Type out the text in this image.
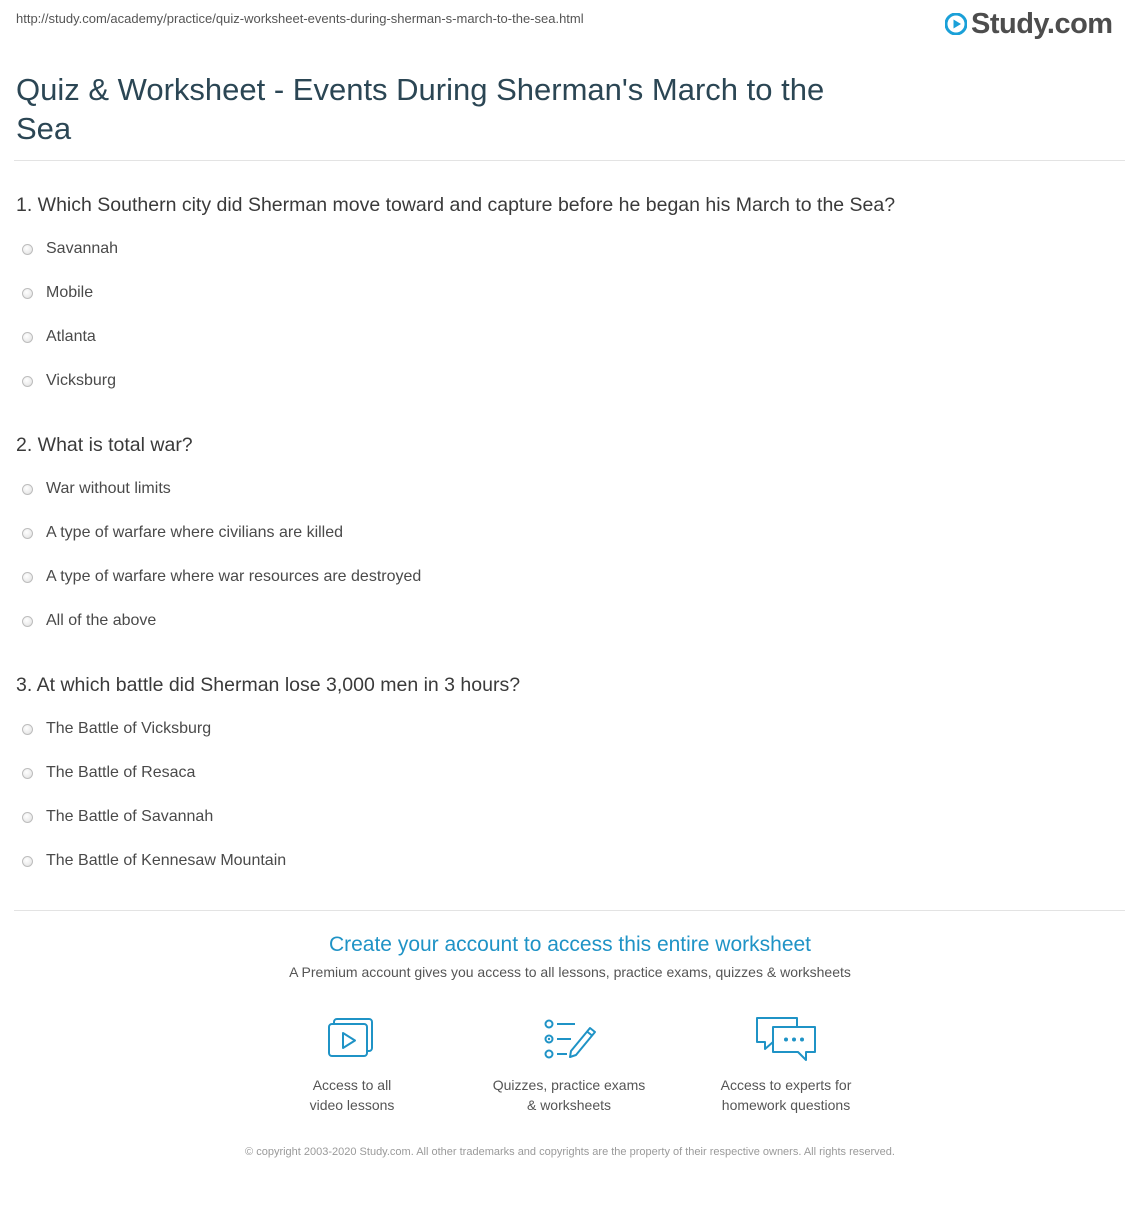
http://study.com/academy/practice/quiz-worksheet-events-during-sherman-s-march-to-the-sea.html	Study.com
Quiz & Worksheet - Events During Sherman's March to the Sea
1. Which Southern city did Sherman move toward and capture before he began his March to the Sea?
Savannah
Mobile
Atlanta
Vicksburg
2. What is total war?
War without limits
A type of warfare where civilians are killed
A type of warfare where war resources are destroyed
All of the above
3. At which battle did Sherman lose 3,000 men in 3 hours?
The Battle of Vicksburg
The Battle of Resaca
The Battle of Savannah
The Battle of Kennesaw Mountain
Create your account to access this entire worksheet
A Premium account gives you access to all lessons, practice exams, quizzes & worksheets
Access to all
video lessons
Quizzes, practice exams
& worksheets
Access to experts for
homework questions
© copyright 2003-2020 Study.com. All other trademarks and copyrights are the property of their respective owners. All rights reserved.
